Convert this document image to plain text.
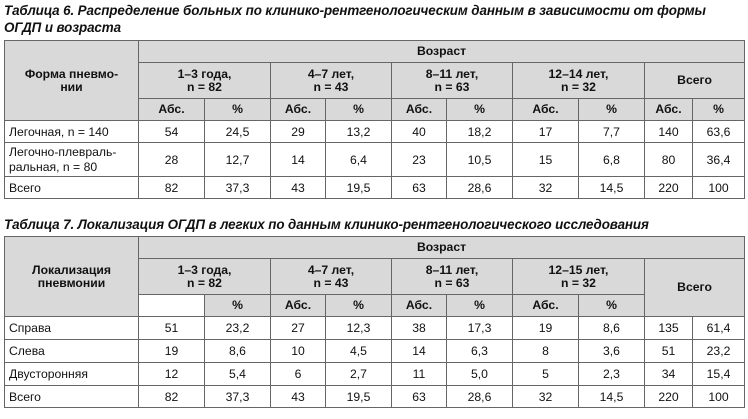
Таблица 6. Распределение больных по клинико-рентгенологическим данным в зависимости от формы ОГДП и возраста
Форма пневмо-
нии	Возраст									

	1–3 года,
n = 82		4–7 лет,
n = 43		8–11 лет,
n = 63		12–14 лет,
n = 32		Всего	
	Абс.	%	Абс.	%	Абс.	%	Абс.	%	Абс.	%
Легочная, n = 140	54	24,5	29	13,2	40	18,2	17	7,7	140	63,6

Легочно-плевраль-
ральная, n = 80	28	12,7	14	6,4	23	10,5	15	6,8	80	36,4
Всего	82	37,3	43	19,5	63	28,6	32	14,5	220	100
Таблица 7. Локализация ОГДП в легких по данным клинико-рентгенологического исследования
Локализация
пневмонии	Возраст									

	1–3 года,
n = 82		4–7 лет,
n = 43		8–11 лет,
n = 63		12–15 лет,
n = 32		Всего	
		%	Абс.	%	Абс.	%	Абс.	%		
Справа	51	23,2	27	12,3	38	17,3	19	8,6	135	61,4
Слева	19	8,6	10	4,5	14	6,3	8	3,6	51	23,2
Двусторонняя	12	5,4	6	2,7	11	5,0	5	2,3	34	15,4
Всего	82	37,3	43	19,5	63	28,6	32	14,5	220	100
